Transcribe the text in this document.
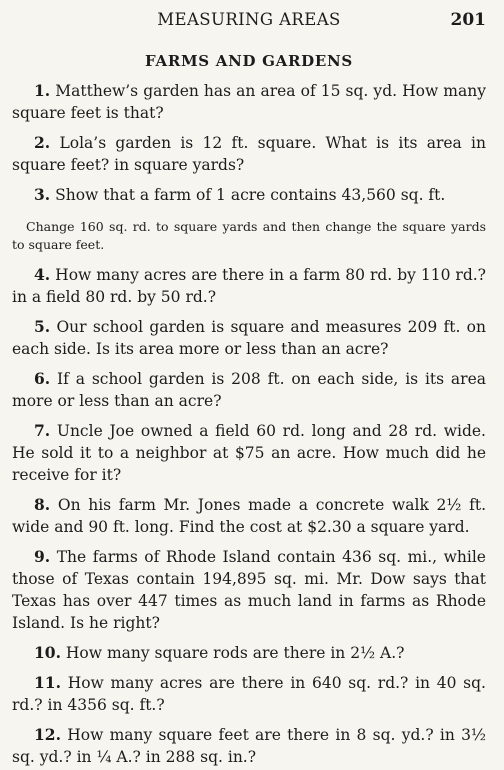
MEASURING AREAS	201
FARMS AND GARDENS

1. Matthew’s garden has an area of 15 sq. yd. How many square feet is that?

2. Lola’s garden is 12 ft. square. What is its area in square feet? in square yards?

3. Show that a farm of 1 acre contains 43,560 sq. ft.

Change 160 sq. rd. to square yards and then change the square yards to square feet.

4. How many acres are there in a farm 80 rd. by 110 rd.? in a field 80 rd. by 50 rd.?

5. Our school garden is square and measures 209 ft. on each side. Is its area more or less than an acre?

6. If a school garden is 208 ft. on each side, is its area more or less than an acre?

7. Uncle Joe owned a field 60 rd. long and 28 rd. wide. He sold it to a neighbor at $75 an acre. How much did he receive for it?

8. On his farm Mr. Jones made a concrete walk 2½ ft. wide and 90 ft. long. Find the cost at $2.30 a square yard.

9. The farms of Rhode Island contain 436 sq. mi., while those of Texas contain 194,895 sq. mi. Mr. Dow says that Texas has over 447 times as much land in farms as Rhode Island. Is he right?

10. How many square rods are there in 2½ A.?

11. How many acres are there in 640 sq. rd.? in 40 sq. rd.? in 4356 sq. ft.?

12. How many square feet are there in 8 sq. yd.? in 3½ sq. yd.? in ¼ A.? in 288 sq. in.?
